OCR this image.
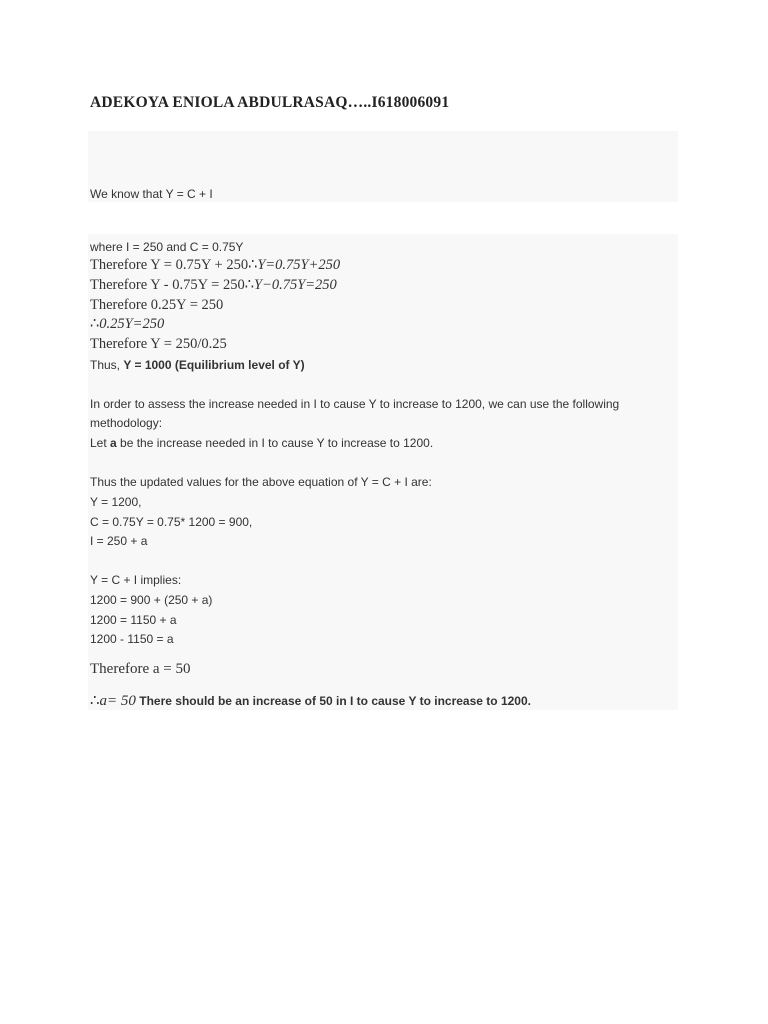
ADEKOYA ENIOLA ABDULRASAQ…..I618006091
We know that Y = C + I
where I = 250 and C = 0.75Y
Therefore Y = 0.75Y + 250∴Y=0.75Y+250
Therefore Y - 0.75Y = 250∴Y−0.75Y=250
Therefore 0.25Y = 250
∴0.25Y=250
Therefore Y = 250/0.25
Thus, Y = 1000 (Equilibrium level of Y)
In order to assess the increase needed in I to cause Y to increase to 1200, we can use the following
methodology:
Let a be the increase needed in I to cause Y to increase to 1200.
Thus the updated values for the above equation of Y = C + I are:
Y = 1200,
C = 0.75Y = 0.75* 1200 = 900,
I = 250 + a
Y = C + I implies:
1200 = 900 + (250 + a)
1200 = 1150 + a
1200 - 1150 = a
Therefore a = 50
∴a= 50 There should be an increase of 50 in I to cause Y to increase to 1200.
